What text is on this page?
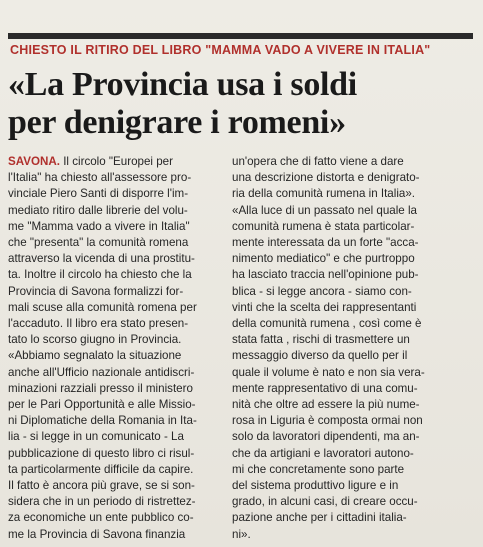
CHIESTO IL RITIRO DEL LIBRO "MAMMA VADO A VIVERE IN ITALIA"
«La Provincia usa i soldi
per denigrare i romeni»
SAVONA. Il circolo "Europei per
l'Italia" ha chiesto all'assessore pro-
vinciale Piero Santi di disporre l'im-
mediato ritiro dalle librerie del volu-
me "Mamma vado a vivere in Italia"
che "presenta" la comunità romena
attraverso la vicenda di una prostitu-
ta. Inoltre il circolo ha chiesto che la
Provincia di Savona formalizzi for-
mali scuse alla comunità romena per
l'accaduto. Il libro era stato presen-
tato lo scorso giugno in Provincia.
«Abbiamo segnalato la situazione
anche all'Ufficio nazionale antidiscri-
minazioni razziali presso il ministero
per le Pari Opportunità e alle Missio-
ni Diplomatiche della Romania in Ita-
lia - si legge in un comunicato - La
pubblicazione di questo libro ci risul-
ta particolarmente difficile da capire.
Il fatto è ancora più grave, se si son-
sidera che in un periodo di ristrettez-
za economiche un ente pubblico co-
me la Provincia di Savona finanzia
un'opera che di fatto viene a dare
una descrizione distorta e denigrato-
ria della comunità rumena in Italia».
«Alla luce di un passato nel quale la
comunità rumena è stata particolar-
mente interessata da un forte "acca-
nimento mediatico" e che purtroppo
ha lasciato traccia nell'opinione pub-
blica - si legge ancora - siamo con-
vinti che la scelta dei rappresentanti
della comunità rumena , così come è
stata fatta , rischi di trasmettere un
messaggio diverso da quello per il
quale il volume è nato e non sia vera-
mente rappresentativo di una comu-
nità che oltre ad essere la più nume-
rosa in Liguria è composta ormai non
solo da lavoratori dipendenti, ma an-
che da artigiani e lavoratori autono-
mi che concretamente sono parte
del sistema produttivo ligure e in
grado, in alcuni casi, di creare occu-
pazione anche per i cittadini italia-
ni».
